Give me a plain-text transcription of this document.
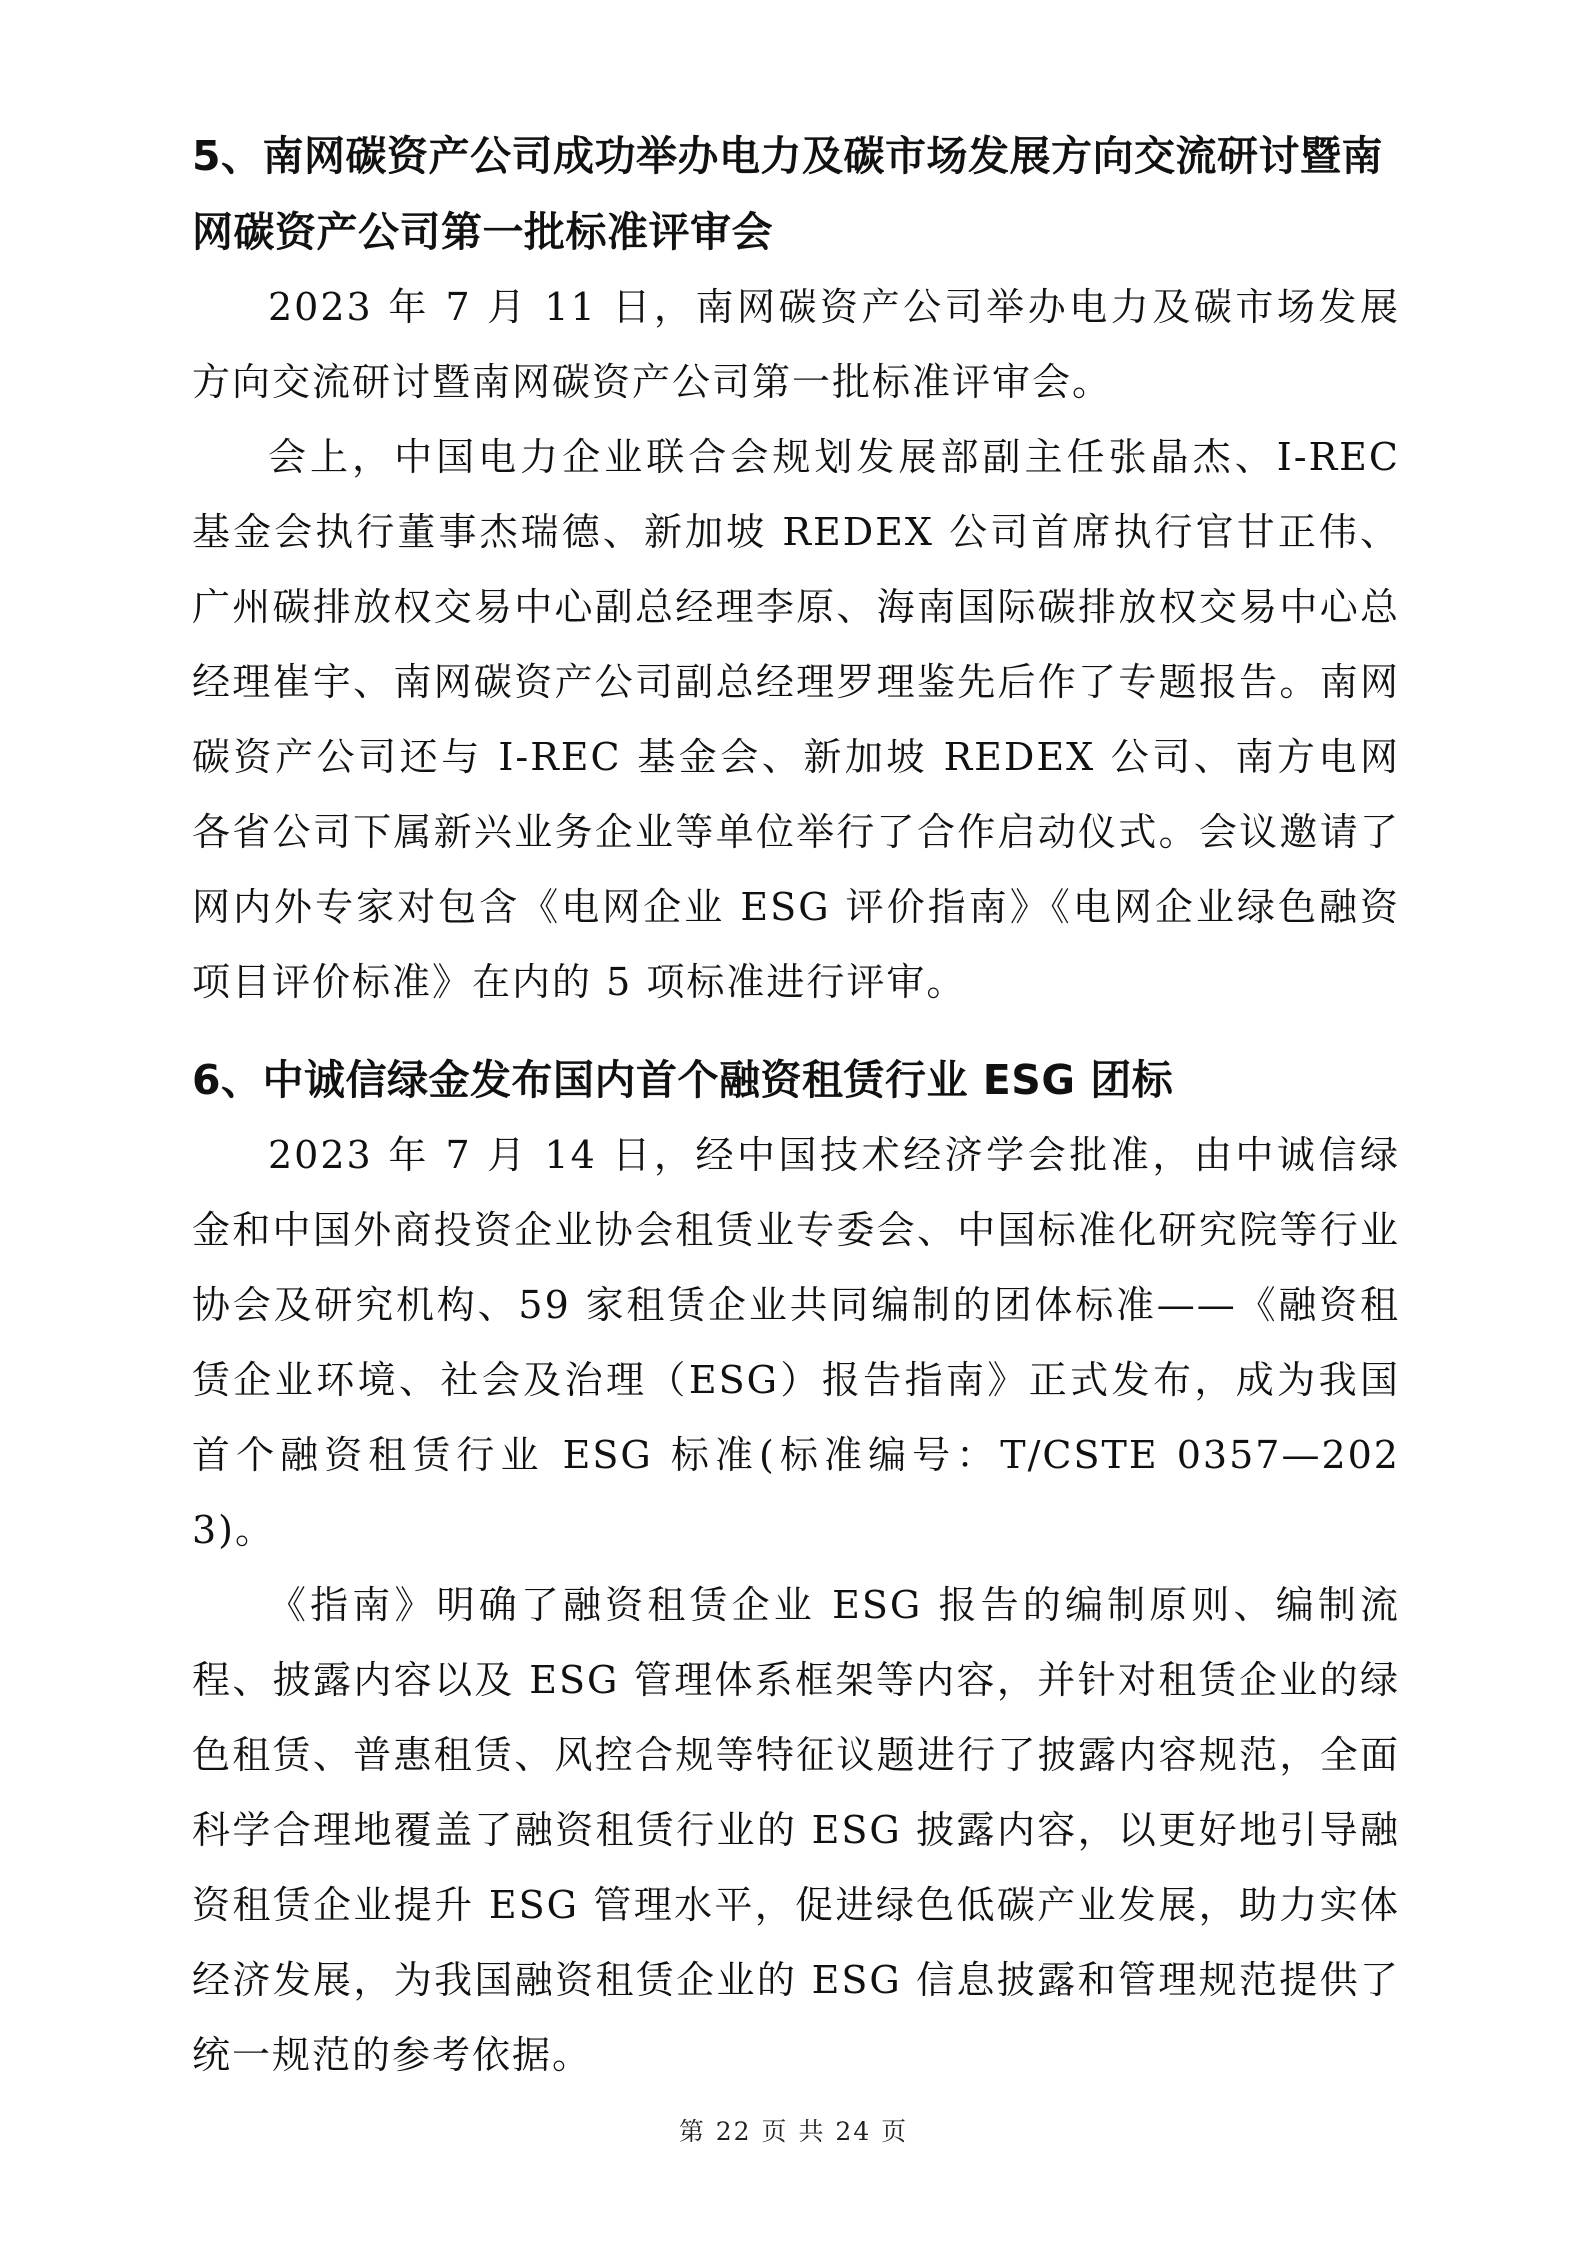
5、南网碳资产公司成功举办电力及碳市场发展方向交流研讨暨南网碳资产公司第一批标准评审会

2023 年 7 月 11 日，南网碳资产公司举办电力及碳市场发展方向交流研讨暨南网碳资产公司第一批标准评审会。

会上，中国电力企业联合会规划发展部副主任张晶杰、I-REC 基金会执行董事杰瑞德、新加坡 REDEX 公司首席执行官甘正伟、广州碳排放权交易中心副总经理李原、海南国际碳排放权交易中心总经理崔宇、南网碳资产公司副总经理罗理鉴先后作了专题报告。南网碳资产公司还与 I-REC 基金会、新加坡 REDEX 公司、南方电网各省公司下属新兴业务企业等单位举行了合作启动仪式。会议邀请了网内外专家对包含《电网企业 ESG 评价指南》《电网企业绿色融资项目评价标准》在内的 5 项标准进行评审。

6、中诚信绿金发布国内首个融资租赁行业 ESG 团标

2023 年 7 月 14 日，经中国技术经济学会批准，由中诚信绿金和中国外商投资企业协会租赁业专委会、中国标准化研究院等行业协会及研究机构、59 家租赁企业共同编制的团体标准——《融资租赁企业环境、社会及治理（ESG）报告指南》正式发布，成为我国首个融资租赁行业 ESG 标准(标准编号：T/CSTE 0357—2023)。

《指南》明确了融资租赁企业 ESG 报告的编制原则、编制流程、披露内容以及 ESG 管理体系框架等内容，并针对租赁企业的绿色租赁、普惠租赁、风控合规等特征议题进行了披露内容规范，全面科学合理地覆盖了融资租赁行业的 ESG 披露内容，以更好地引导融资租赁企业提升 ESG 管理水平，促进绿色低碳产业发展，助力实体经济发展，为我国融资租赁企业的 ESG 信息披露和管理规范提供了统一规范的参考依据。

第 22 页 共 24 页
